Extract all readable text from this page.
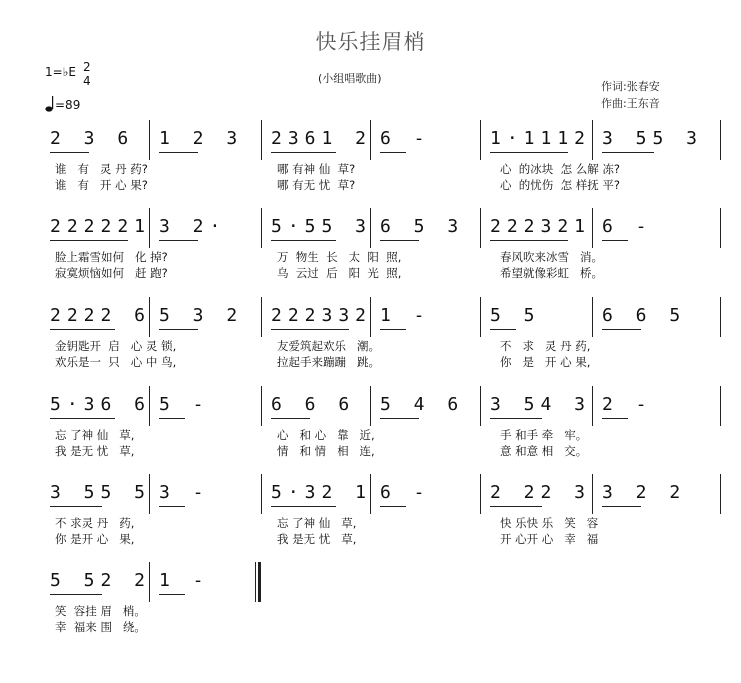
快乐挂眉梢
(小组唱歌曲)
作词:张春安
作曲:王东音
1=♭E 2
4
=89
2 3 6 1 2 3 2361 2 6 -	1·1112 3 55 3
谁   有   灵 丹 药?	哪 有神 仙  草?	心  的冰块  怎 么解 冻?
谁   有   开 心 果?	哪 有无 忧  草?	心  的忧伤  怎 样抚 平?
222221 3 2· 5·55 3 6 5 3 222321 6 -
脸上霜雪如何   化 掉?	万  物生  长   太  阳  照,	春风吹来冰雪   消。
寂寞烦恼如何   赶 跑?	乌  云过  后   阳  光  照,	希望就像彩虹   桥。
2222 6 5 3 2 222332 1 -	5 5	6 6 5
金钥匙开  启   心 灵 锁,	友爱筑起欢乐   潮。	不   求   灵 丹 药,
欢乐是一  只   心 中 鸟,	拉起手来蹦蹦   跳。	你   是   开 心 果,
5·36 6 5 -	6 6 6 5 4 6 3 54 3 2 -
忘 了神 仙   草,	心   和 心   靠   近,	手 和手 牵   牢。
我 是无 忧   草,	情   和 情   相   连,	意 和意 相   交。
3 55 5 3 -	5·32 1 6 -	2 22 3 3 2 2
不 求灵 丹   药,	忘 了神 仙   草,	快 乐快 乐   笑   容
你 是开 心   果,	我 是无 忧   草,	开 心开 心   幸   福
5 52 2 1 -
笑  容挂 眉   梢。
幸  福来 围   绕。
